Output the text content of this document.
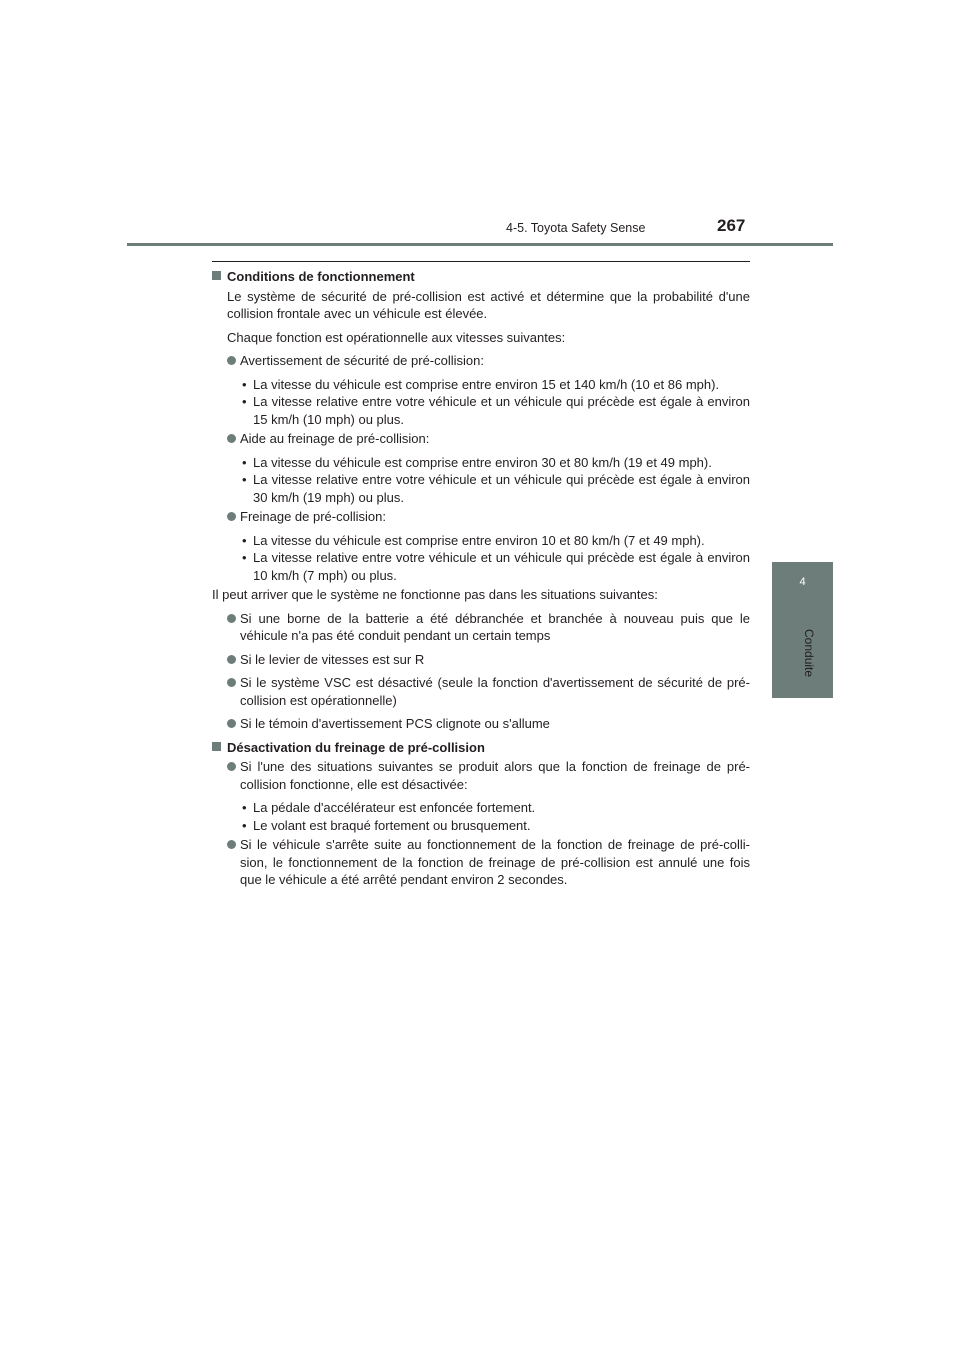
4-5. Toyota Safety Sense	267
4
Conduite
Conditions de fonctionnement
Le système de sécurité de pré-collision est activé et détermine que la probabilité d'une collision frontale avec un véhicule est élevée.
Chaque fonction est opérationnelle aux vitesses suivantes:
Avertissement de sécurité de pré-collision:
• La vitesse du véhicule est comprise entre environ 15 et 140 km/h (10 et 86 mph).
• La vitesse relative entre votre véhicule et un véhicule qui précède est égale à environ 15 km/h (10 mph) ou plus.
Aide au freinage de pré-collision:
• La vitesse du véhicule est comprise entre environ 30 et 80 km/h (19 et 49 mph).
• La vitesse relative entre votre véhicule et un véhicule qui précède est égale à environ 30 km/h (19 mph) ou plus.
Freinage de pré-collision:
• La vitesse du véhicule est comprise entre environ 10 et 80 km/h (7 et 49 mph).
• La vitesse relative entre votre véhicule et un véhicule qui précède est égale à environ 10 km/h (7 mph) ou plus.
Il peut arriver que le système ne fonctionne pas dans les situations suivantes:
Si une borne de la batterie a été débranchée et branchée à nouveau puis que le véhicule n'a pas été conduit pendant un certain temps
Si le levier de vitesses est sur R
Si le système VSC est désactivé (seule la fonction d'avertissement de sécurité de pré-collision est opérationnelle)
Si le témoin d'avertissement PCS clignote ou s'allume
Désactivation du freinage de pré-collision
Si l'une des situations suivantes se produit alors que la fonction de freinage de pré-collision fonctionne, elle est désactivée:
• La pédale d'accélérateur est enfoncée fortement.
• Le volant est braqué fortement ou brusquement.
Si le véhicule s'arrête suite au fonctionnement de la fonction de freinage de pré-colli-sion, le fonctionnement de la fonction de freinage de pré-collision est annulé une fois que le véhicule a été arrêté pendant environ 2 secondes.
